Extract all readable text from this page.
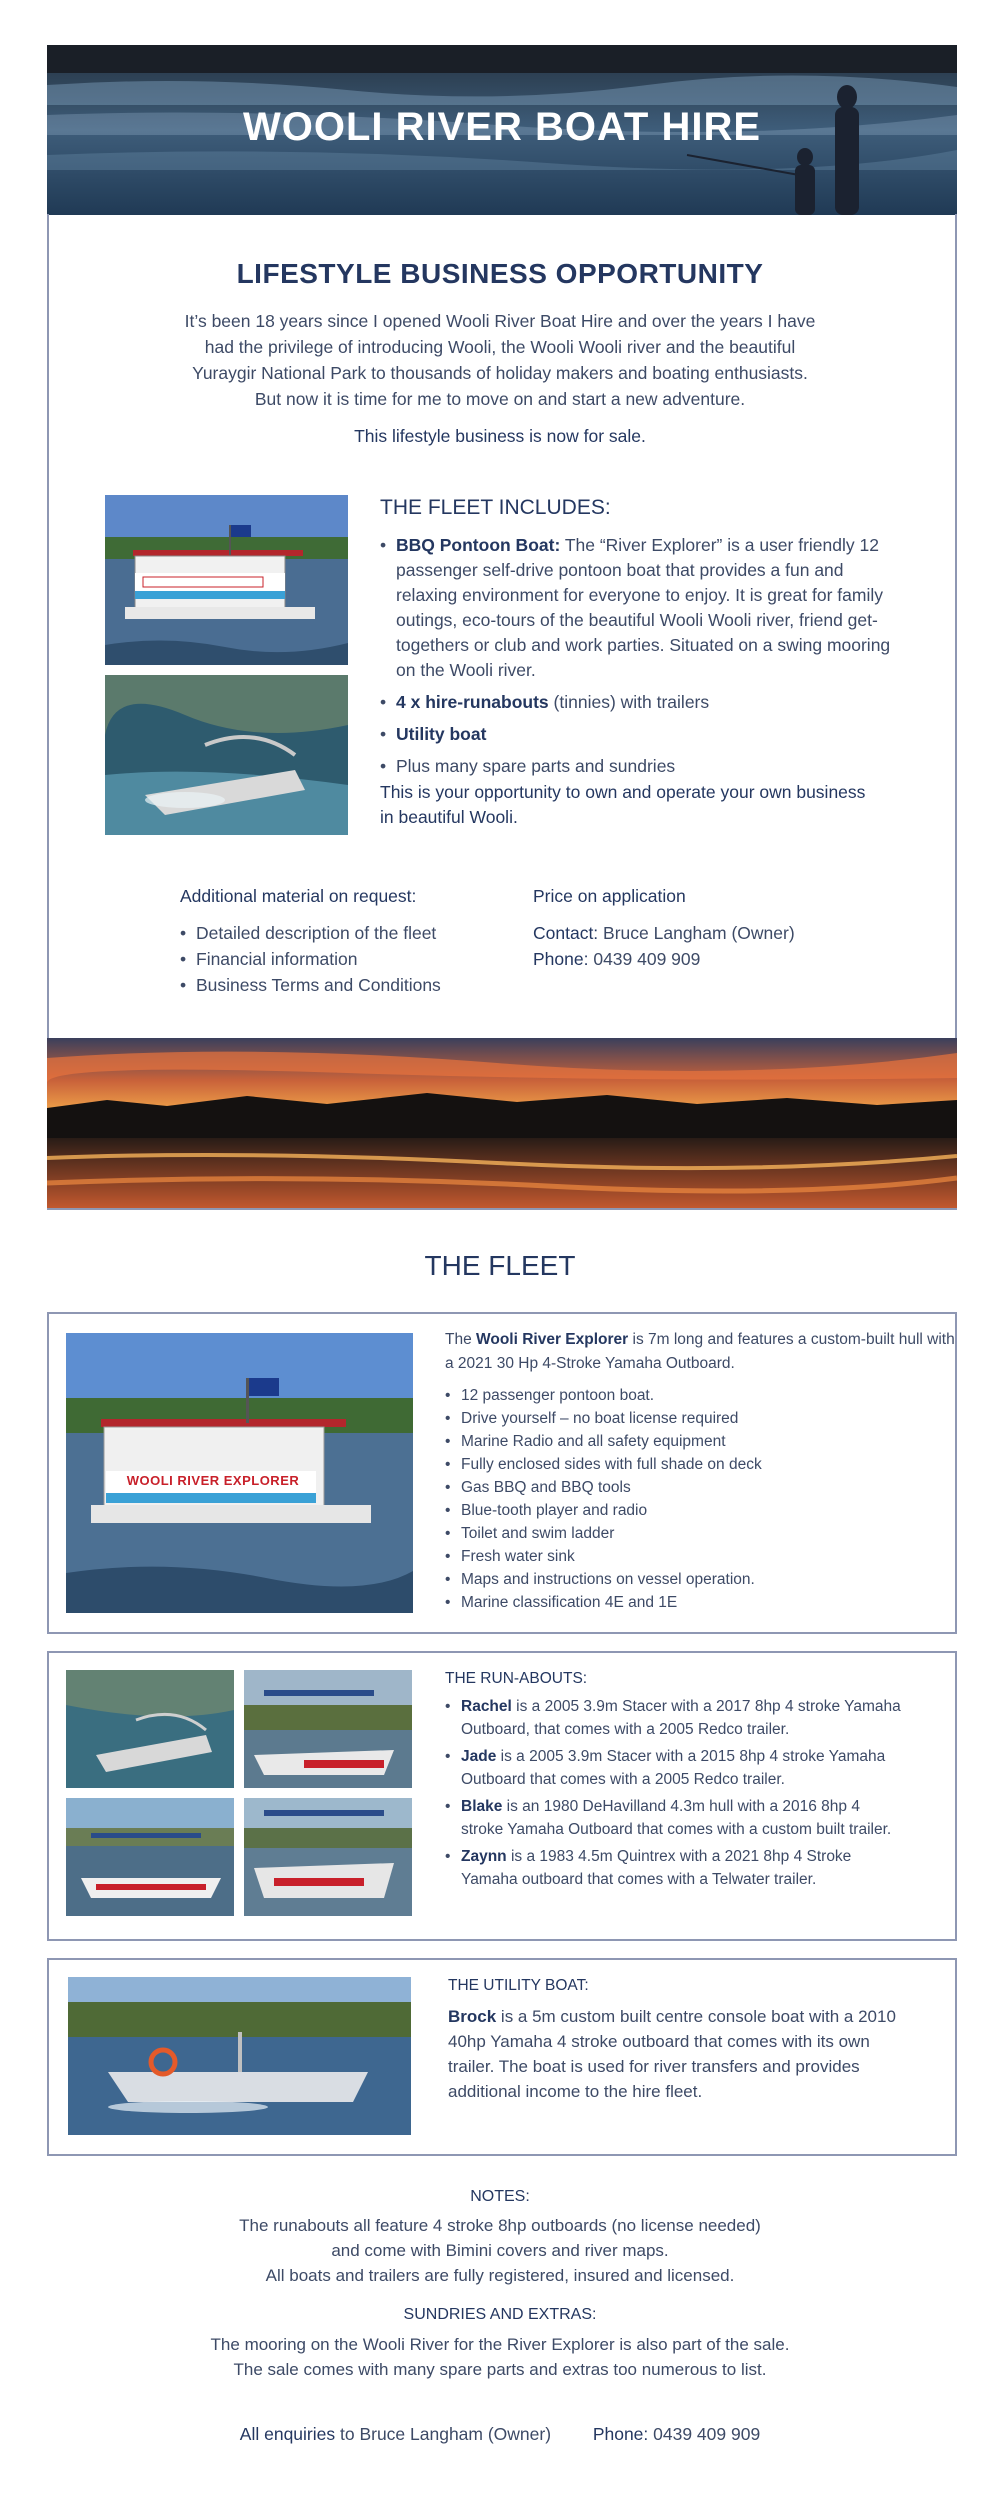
WOOLI RIVER BOAT HIRE
LIFESTYLE BUSINESS OPPORTUNITY
It’s been 18 years since I opened Wooli River Boat Hire and over the years I have
had the privilege of introducing Wooli, the Wooli Wooli river and the beautiful
Yuraygir National Park to thousands of holiday makers and boating enthusiasts.
But now it is time for me to move on and start a new adventure.
This lifestyle business is now for sale.
THE FLEET INCLUDES:
• BBQ Pontoon Boat: The “River Explorer” is a user friendly 12 passenger self-drive pontoon boat that provides a fun and relaxing environment for everyone to enjoy. It is great for family outings, eco-tours of the beautiful Wooli Wooli river, friend get-togethers or club and work parties. Situated on a swing mooring on the Wooli river.
• 4 x hire-runabouts (tinnies) with trailers
• Utility boat
• Plus many spare parts and sundries
This is your opportunity to own and operate your own business in beautiful Wooli.
Additional material on request:
• Detailed description of the fleet
• Financial information
• Business Terms and Conditions
Price on application
Contact: Bruce Langham (Owner)
Phone: 0439 409 909
THE FLEET
WOOLI RIVER EXPLORER
The Wooli River Explorer is 7m long and features a custom-built hull with a 2021 30 Hp 4-Stroke Yamaha Outboard.
• 12 passenger pontoon boat.
• Drive yourself – no boat license required
• Marine Radio and all safety equipment
• Fully enclosed sides with full shade on deck
• Gas BBQ and BBQ tools
• Blue-tooth player and radio
• Toilet and swim ladder
• Fresh water sink
• Maps and instructions on vessel operation.
• Marine classification 4E and 1E
THE RUN-ABOUTS:
• Rachel is a 2005 3.9m Stacer with a 2017 8hp 4 stroke Yamaha Outboard, that comes with a 2005 Redco trailer.
• Jade is a 2005 3.9m Stacer with a 2015 8hp 4 stroke Yamaha Outboard that comes with a 2005 Redco trailer.
• Blake is an 1980 DeHavilland 4.3m hull with a 2016 8hp 4 stroke Yamaha Outboard that comes with a custom built trailer.
• Zaynn is a 1983 4.5m Quintrex with a 2021 8hp 4 Stroke Yamaha outboard that comes with a Telwater trailer.
THE UTILITY BOAT:
Brock is a 5m custom built centre console boat with a 2010 40hp Yamaha 4 stroke outboard that comes with its own trailer. The boat is used for river transfers and provides additional income to the hire fleet.
NOTES:
The runabouts all feature 4 stroke 8hp outboards (no license needed)
and come with Bimini covers and river maps.
All boats and trailers are fully registered, insured and licensed.
SUNDRIES AND EXTRAS:
The mooring on the Wooli River for the River Explorer is also part of the sale.
The sale comes with many spare parts and extras too numerous to list.
All enquiries to Bruce Langham (Owner) Phone: 0439 409 909
